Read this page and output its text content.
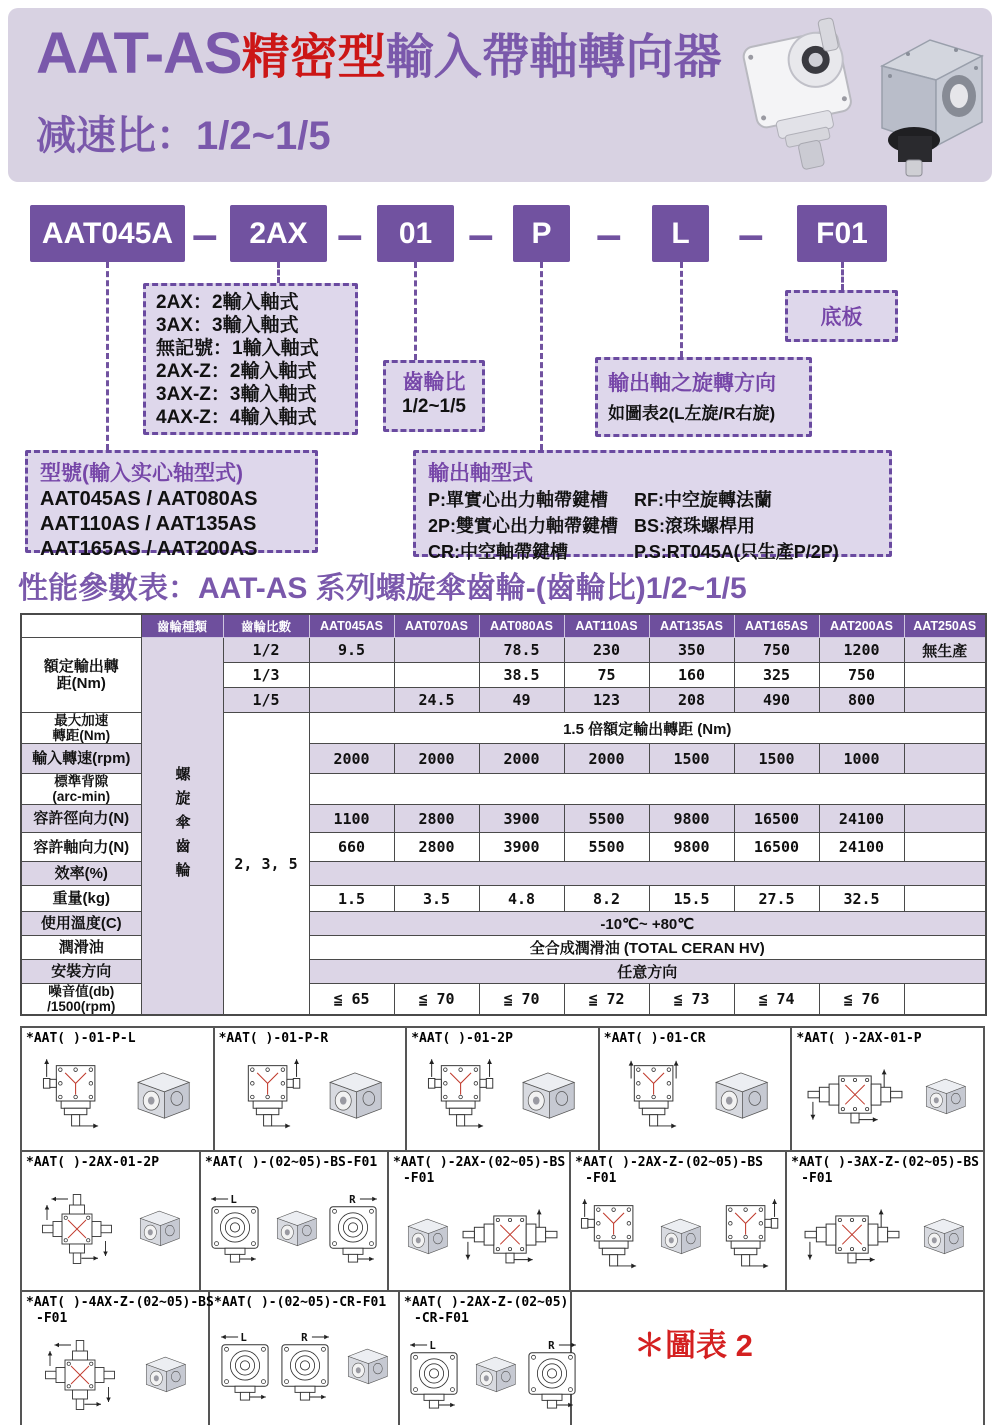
AAT-AS精密型輸入帶軸轉向器
减速比：1/2~1/5
AAT045A –	2AX –	01 –	P –	L	–	F01
2AX：2輸入軸式
3AX：3輸入軸式
無記號：1輸入軸式
2AX-Z：2輸入軸式
3AX-Z：3輸入軸式
4AX-Z：4輸入軸式
齒輪比
1/2~1/5
輸出軸之旋轉方向
如圖表2(L左旋/R右旋)
底板
型號(輸入实心轴型式)
AAT045AS / AAT080AS
AAT110AS / AAT135AS
AAT165AS / AAT200AS
輸出軸型式
P:單實心出力軸帶鍵槽
2P:雙實心出力軸帶鍵槽
CR:中空軸帶鍵槽
RF:中空旋轉法蘭
BS:滾珠螺桿用
P.S:RT045A(只生產P/2P)
性能參數表：AAT-AS 系列螺旋傘齒輪-(齒輪比)1/2~1/5
	齒輪種類	齒輪比數	AAT045AS	AAT070AS	AAT080AS	AAT110AS	AAT135AS	AAT165AS	AAT200AS	AAT250AS
額定輸出轉
距(Nm)	螺旋傘齒輪	1/2	9.5		78.5	230	350	750	1200	無生產
		1/3			38.5	75	160	325	750	
		1/5		24.5	49	123	208	490	800	
最大加速
轉距(Nm)		2, 3, 5	1.5 倍額定輸出轉距 (Nm)							
輸入轉速(rpm)			2000	2000	2000	2000	1500	1500	1000	
標準背隙
(arc-min)										
容許徑向力(N)			1100	2800	3900	5500	9800	16500	24100	
容許軸向力(N)			660	2800	3900	5500	9800	16500	24100	
效率(%)										
重量(kg)			1.5	3.5	4.8	8.2	15.5	27.5	32.5	
使用溫度(C)			-10℃~ +80℃							
潤滑油			全合成潤滑油 (TOTAL CERAN HV)							
安裝方向			任意方向							
噪音值(db)
/1500(rpm)			≦ 65	≦ 70	≦ 70	≦ 72	≦ 73	≦ 74	≦ 76	
*AAT( )-01-P-L	*AAT( )-01-P-R	*AAT( )-01-2P	*AAT( )-01-CR	*AAT( )-2AX-01-P
*AAT( )-2AX-01-2P	*AAT( )-(02~05)-BS-F01
L	R
*AAT( )-2AX-(02~05)-BS
-F01
*AAT( )-2AX-Z-(02~05)-BS
-F01
*AAT( )-3AX-Z-(02~05)-BS
-F01
*AAT( )-4AX-Z-(02~05)-BS
-F01
*AAT( )-(02~05)-CR-F01
L	R
*AAT( )-2AX-Z-(02~05)
-CR-F01
L	R	＊圖表 2
